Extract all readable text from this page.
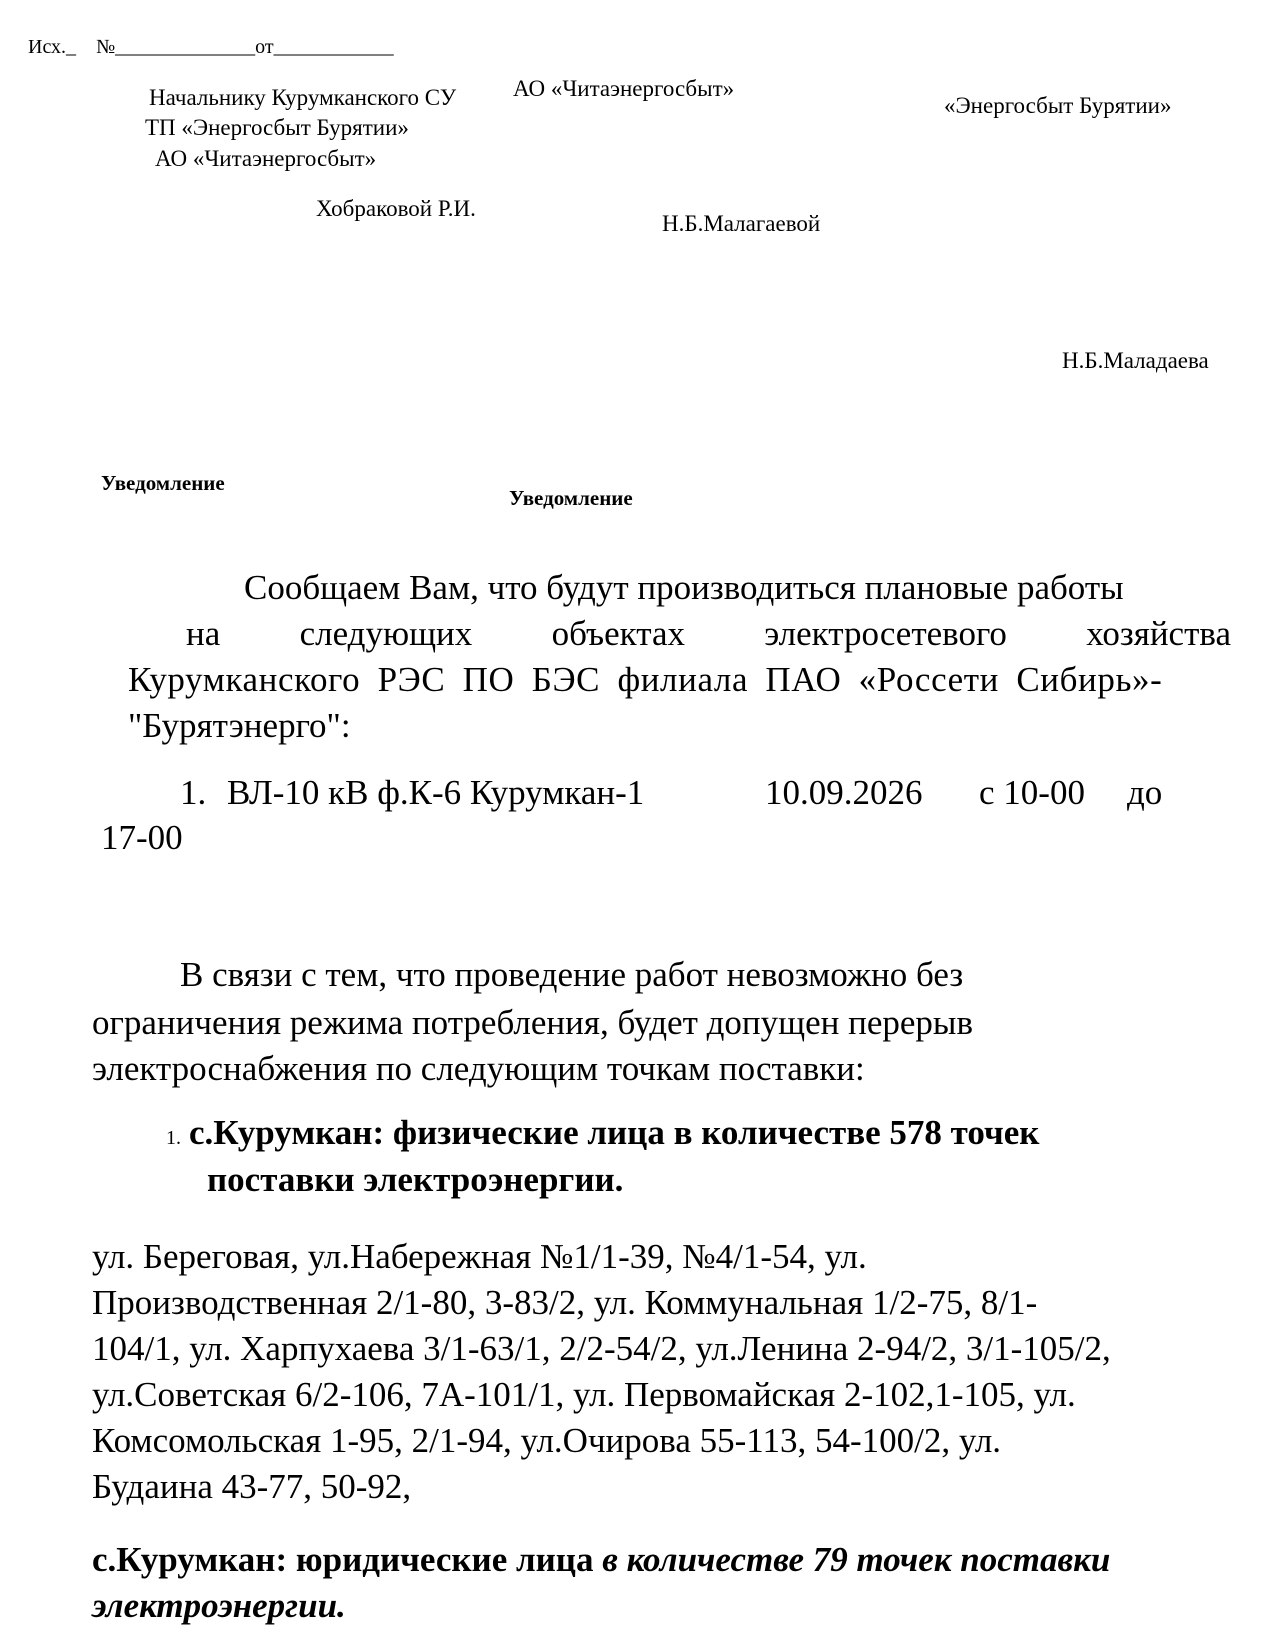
Исх._ №______________от____________
Начальнику Курумканского СУ
ТП «Энергосбыт Бурятии»
АО «Читаэнергосбыт»
Хобраковой Р.И.
АО «Читаэнергосбыт»
Н.Б.Малагаевой
«Энергосбыт Бурятии»
Н.Б.Маладаева
Уведомление
Уведомление
Сообщаем Вам, что будут производиться плановые работы
на следующих объектах электросетевого хозяйства
Курумканского РЭС ПО БЭС филиала ПАО «Россети Сибирь»-
"Бурятэнерго":
1. ВЛ-10 кВ ф.К-6 Курумкан-1	10.09.2026 с 10-00 до
17-00
В связи с тем, что проведение работ невозможно без
ограничения режима потребления, будет допущен перерыв
электроснабжения по следующим точкам поставки:
1. с.Курумкан: физические лица в количестве 578 точек
поставки электроэнергии.
ул. Береговая, ул.Набережная №1/1-39, №4/1-54, ул.
Производственная 2/1-80, 3-83/2, ул. Коммунальная 1/2-75, 8/1-
104/1, ул. Харпухаева 3/1-63/1, 2/2-54/2, ул.Ленина 2-94/2, 3/1-105/2,
ул.Советская 6/2-106, 7А-101/1, ул. Первомайская 2-102,1-105, ул.
Комсомольская 1-95, 2/1-94, ул.Очирова 55-113, 54-100/2, ул.
Будаина 43-77, 50-92,
с.Курумкан: юридические лица в количестве 79 точек поставки
электроэнергии.
